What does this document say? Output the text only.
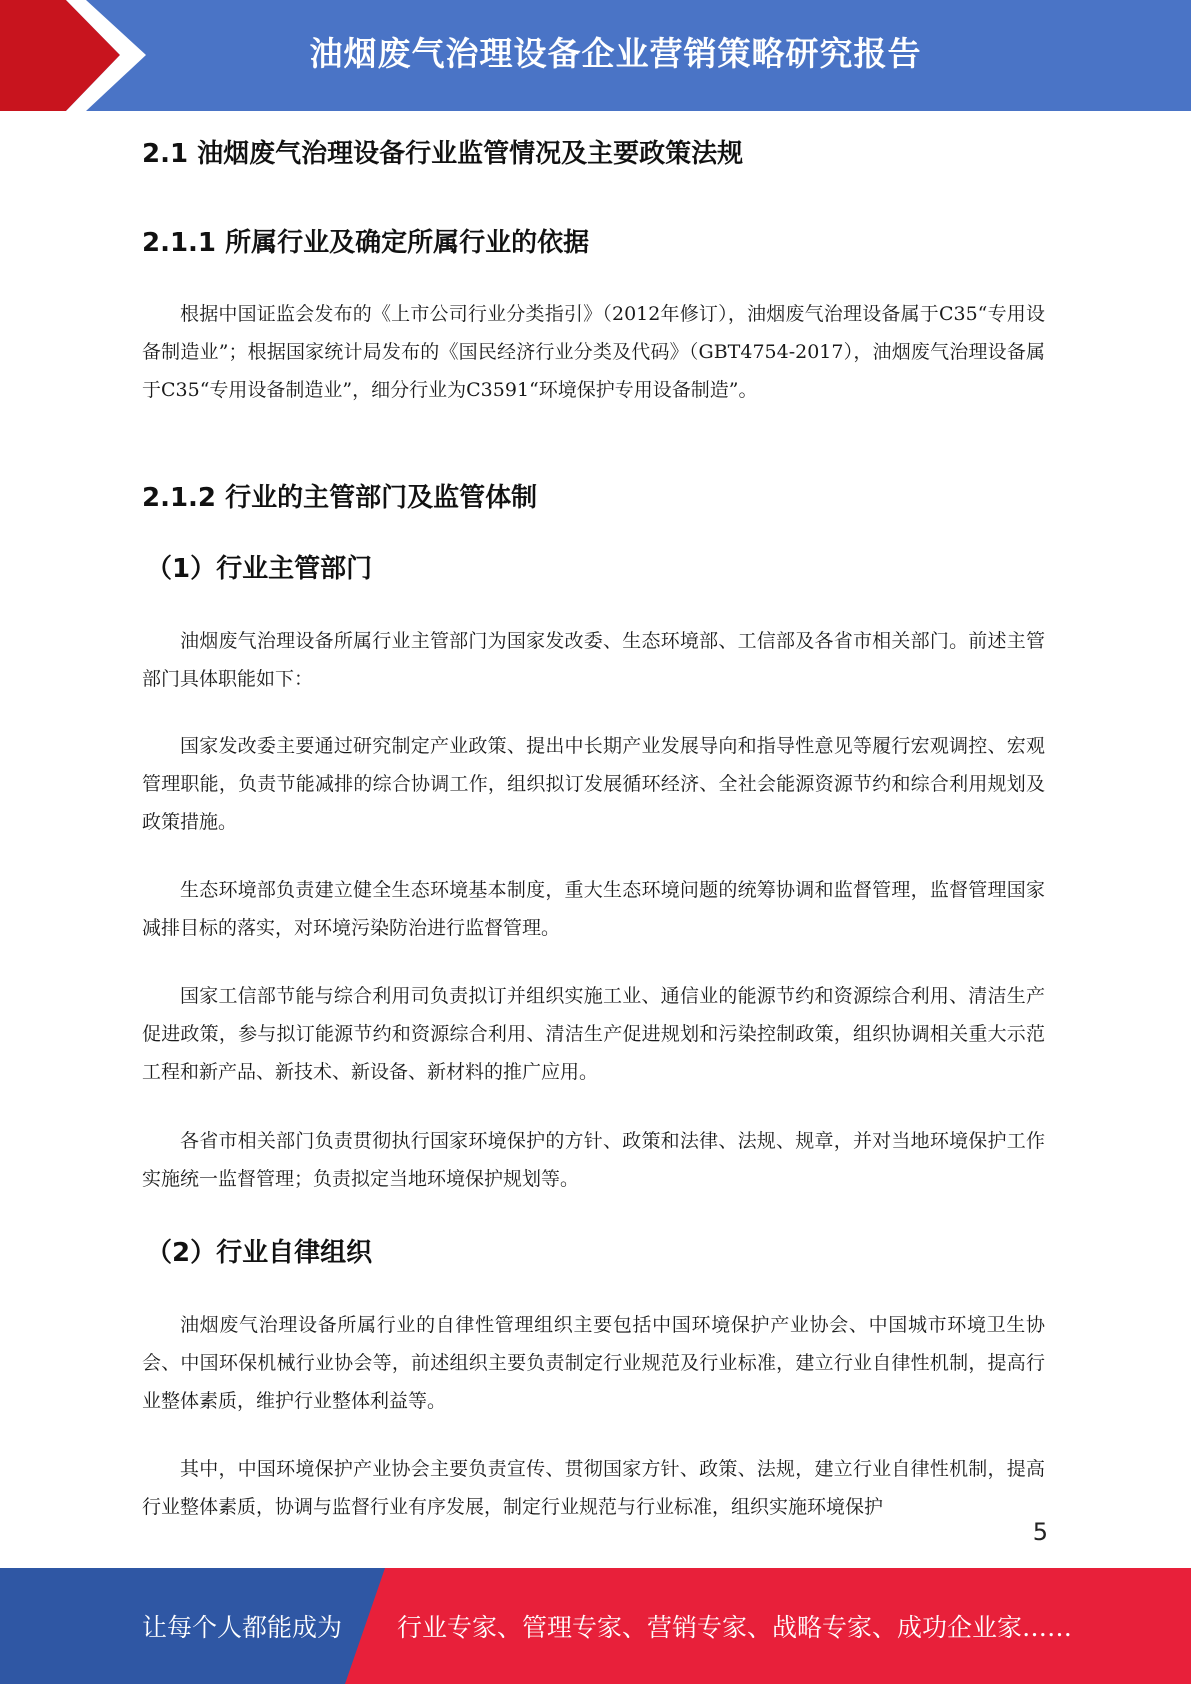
油烟废气治理设备企业营销策略研究报告
2.1 油烟废气治理设备行业监管情况及主要政策法规
2.1.1 所属行业及确定所属行业的依据
根据中国证监会发布的《上市公司行业分类指引》（2012年修订），油烟废气治理设备属于C35“专用设备制造业”；根据国家统计局发布的《国民经济行业分类及代码》（GBT4754-2017），油烟废气治理设备属于C35“专用设备制造业”，细分行业为C3591“环境保护专用设备制造”。
2.1.2 行业的主管部门及监管体制
（1）行业主管部门
油烟废气治理设备所属行业主管部门为国家发改委、生态环境部、工信部及各省市相关部门。前述主管部门具体职能如下：
国家发改委主要通过研究制定产业政策、提出中长期产业发展导向和指导性意见等履行宏观调控、宏观管理职能，负责节能减排的综合协调工作，组织拟订发展循环经济、全社会能源资源节约和综合利用规划及政策措施。
生态环境部负责建立健全生态环境基本制度，重大生态环境问题的统筹协调和监督管理，监督管理国家减排目标的落实，对环境污染防治进行监督管理。
国家工信部节能与综合利用司负责拟订并组织实施工业、通信业的能源节约和资源综合利用、清洁生产促进政策，参与拟订能源节约和资源综合利用、清洁生产促进规划和污染控制政策，组织协调相关重大示范工程和新产品、新技术、新设备、新材料的推广应用。
各省市相关部门负责贯彻执行国家环境保护的方针、政策和法律、法规、规章，并对当地环境保护工作实施统一监督管理；负责拟定当地环境保护规划等。
（2）行业自律组织
油烟废气治理设备所属行业的自律性管理组织主要包括中国环境保护产业协会、中国城市环境卫生协会、中国环保机械行业协会等，前述组织主要负责制定行业规范及行业标准，建立行业自律性机制，提高行业整体素质，维护行业整体利益等。
其中，中国环境保护产业协会主要负责宣传、贯彻国家方针、政策、法规，建立行业自律性机制，提高行业整体素质，协调与监督行业有序发展，制定行业规范与行业标准，组织实施环境保护
5
让每个人都能成为 行业专家、管理专家、营销专家、战略专家、成功企业家……
